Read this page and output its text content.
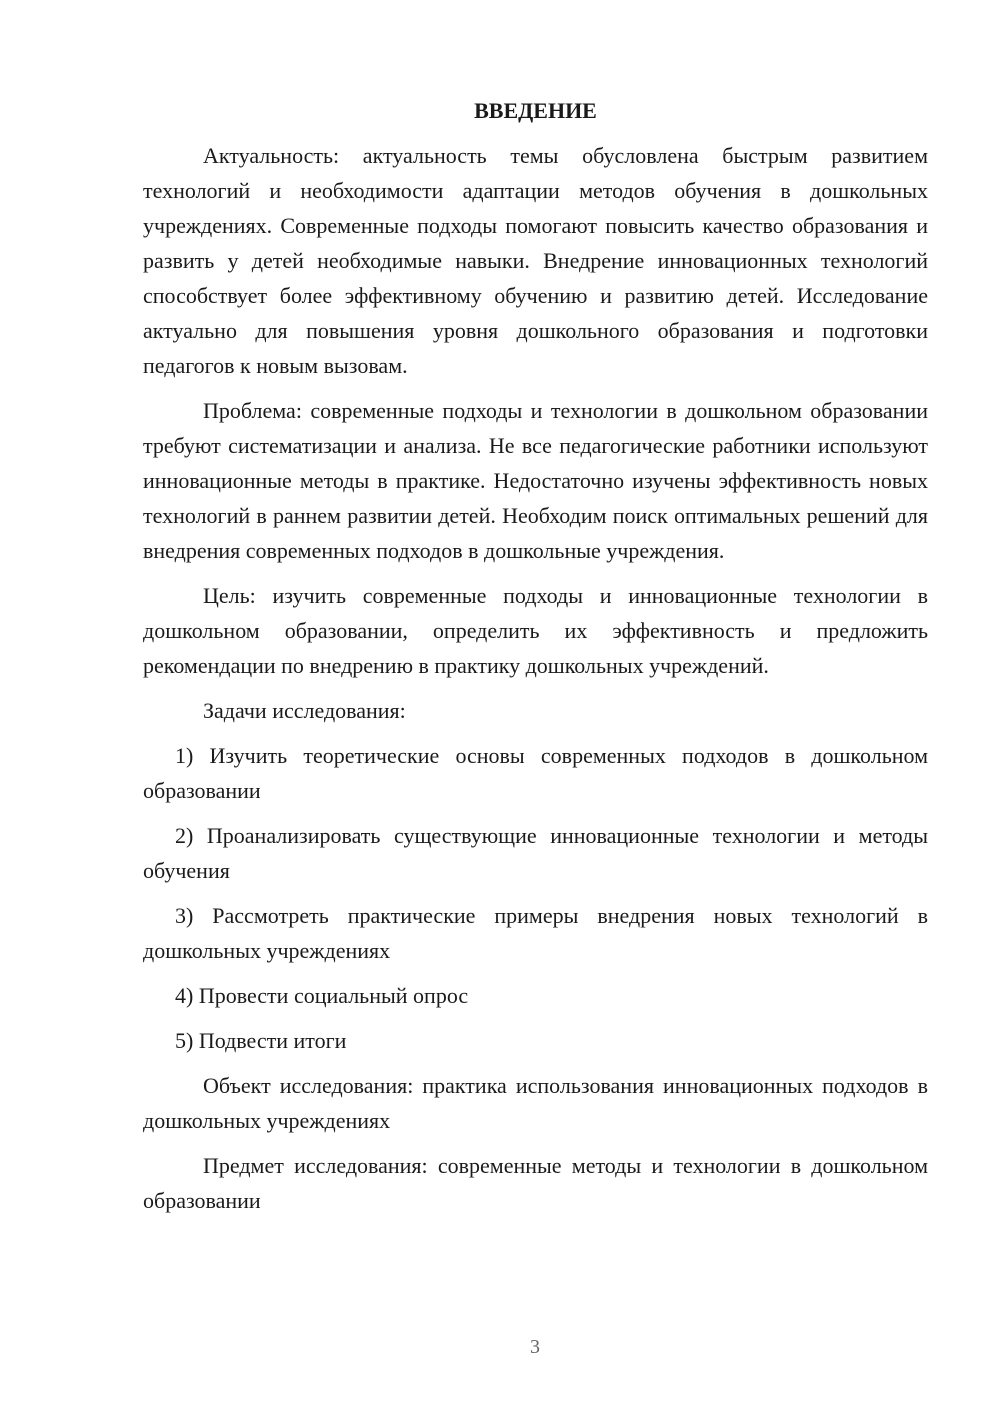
ВВЕДЕНИЕ

Актуальность: актуальность темы обусловлена быстрым развитием технологий и необходимости адаптации методов обучения в дошкольных учреждениях. Современные подходы помогают повысить качество образования и развить у детей необходимые навыки. Внедрение инновационных технологий способствует более эффективному обучению и развитию детей. Исследование актуально для повышения уровня дошкольного образования и подготовки педагогов к новым вызовам.

Проблема: современные подходы и технологии в дошкольном образовании требуют систематизации и анализа. Не все педагогические работники используют инновационные методы в практике. Недостаточно изучены эффективность новых технологий в раннем развитии детей. Необходим поиск оптимальных решений для внедрения современных подходов в дошкольные учреждения.

Цель: изучить современные подходы и инновационные технологии в дошкольном образовании, определить их эффективность и предложить рекомендации по внедрению в практику дошкольных учреждений.

Задачи исследования:

1) Изучить теоретические основы современных подходов в дошкольном образовании

2) Проанализировать существующие инновационные технологии и методы обучения

3) Рассмотреть практические примеры внедрения новых технологий в дошкольных учреждениях

4) Провести социальный опрос

5) Подвести итоги

Объект исследования: практика использования инновационных подходов в дошкольных учреждениях

Предмет исследования: современные методы и технологии в дошкольном образовании

3
